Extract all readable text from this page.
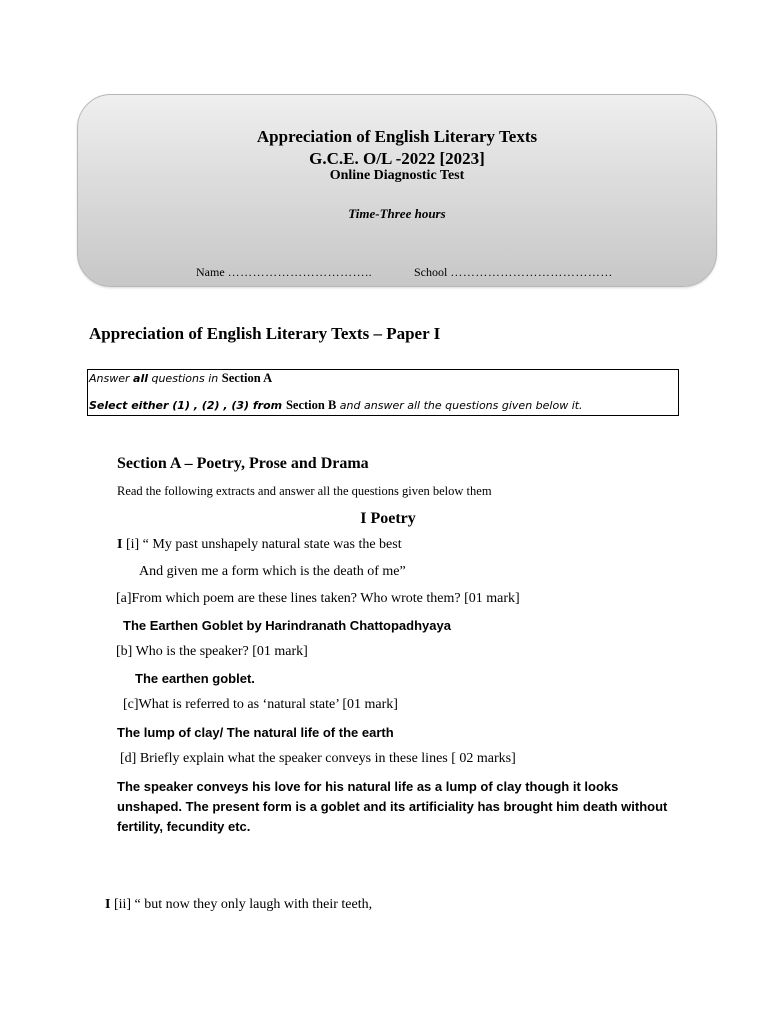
Appreciation of English Literary Texts
G.C.E. O/L -2022 [2023]
Online Diagnostic Test
Time-Three hours
Name ……………………………..	School …………………………………
Appreciation of English Literary Texts – Paper I
Answer all questions in Section A
Select either (1) , (2) , (3) from Section B and answer all the questions given below it.
Section A – Poetry, Prose and Drama
Read the following extracts and answer all the questions given below them
I Poetry
I [i] “ My past unshapely natural state was the best
And given me a form which is the death of me”
[a]From which poem are these lines taken? Who wrote them? [01 mark]
The Earthen Goblet by Harindranath Chattopadhyaya
[b] Who is the speaker? [01 mark]
The earthen goblet.
[c]What is referred to as ‘natural state’ [01 mark]
The lump of clay/ The natural life of the earth
[d] Briefly explain what the speaker conveys in these lines [ 02 marks]
The speaker conveys his love for his natural life as a lump of clay though it looks unshaped. The present form is a goblet and its artificiality has brought him death without fertility, fecundity etc.
I [ii] “ but now they only laugh with their teeth,
